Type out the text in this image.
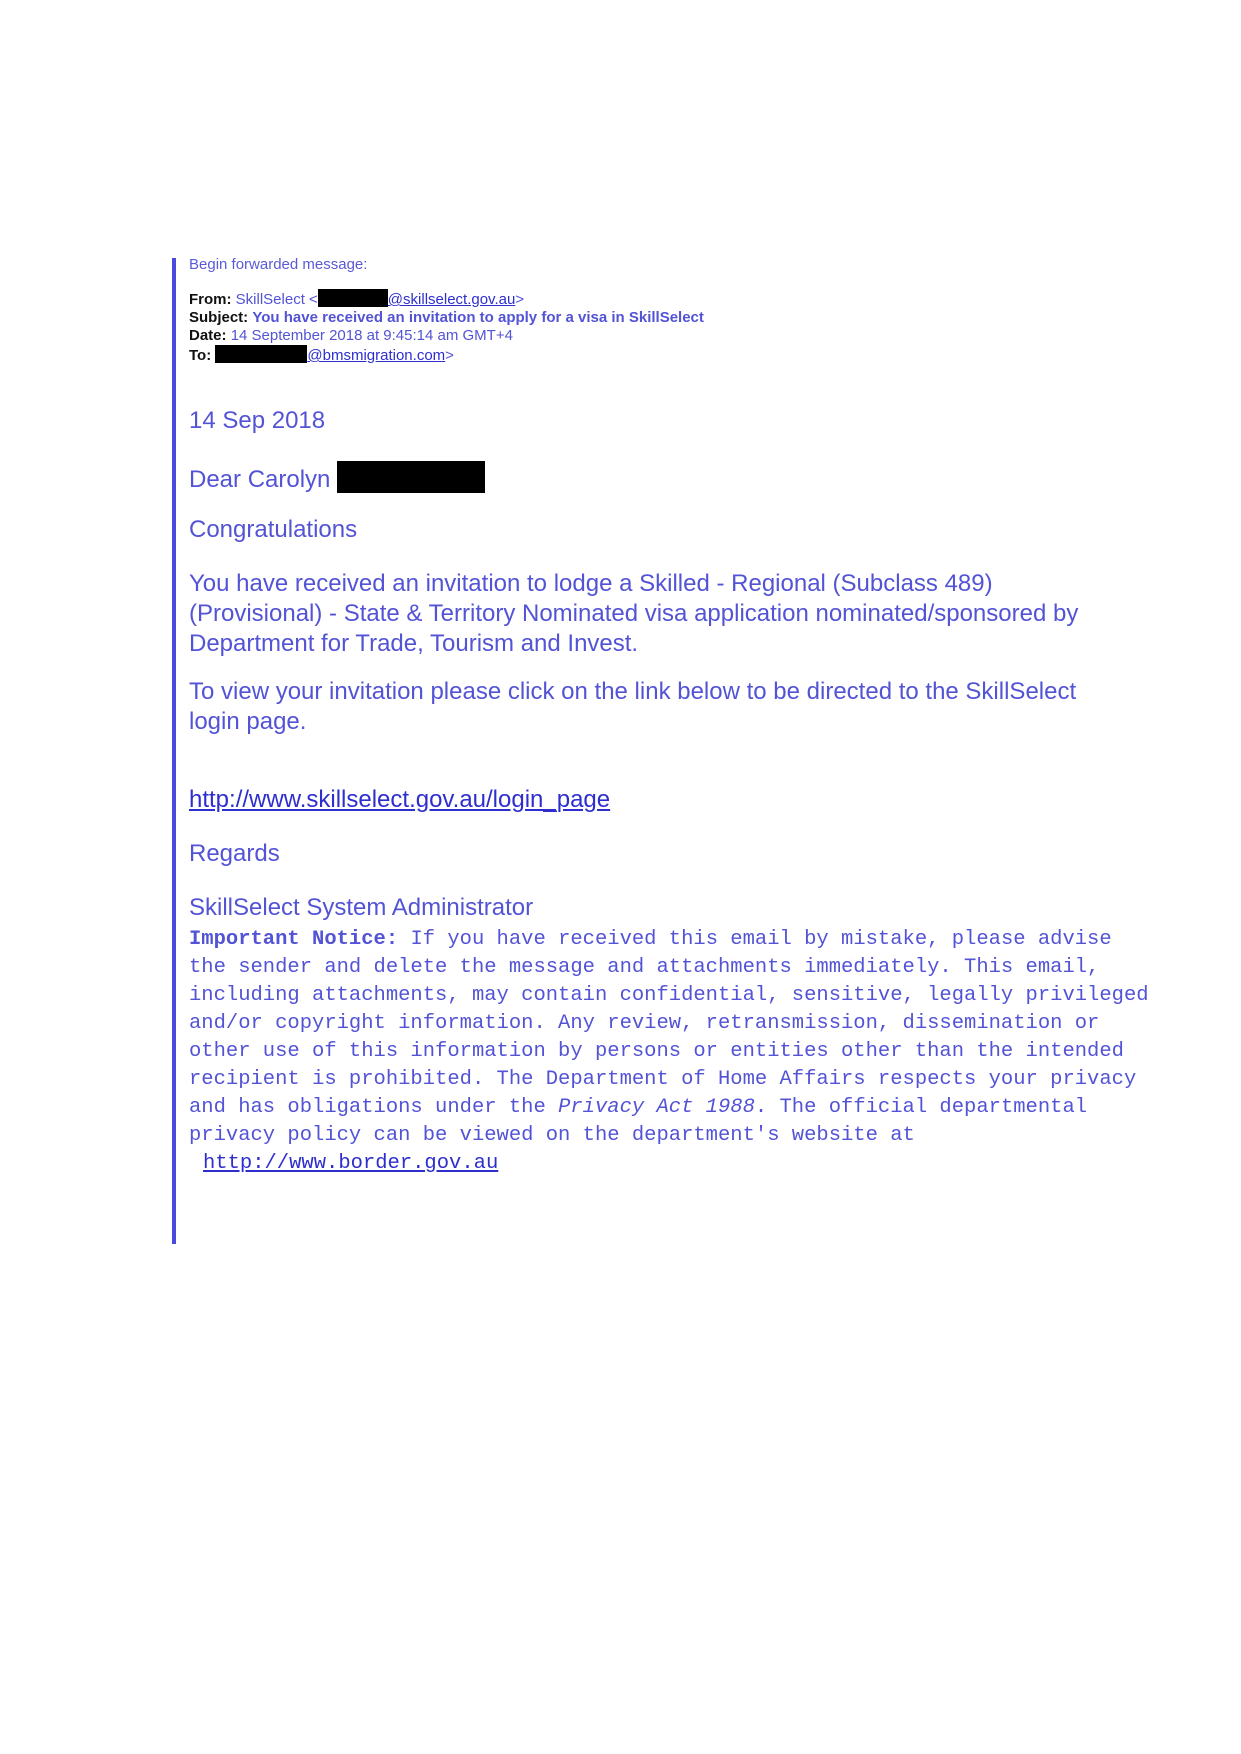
Begin forwarded message:
From: SkillSelect <	@skillselect.gov.au>
Subject: You have received an invitation to apply for a visa in SkillSelect
Date: 14 September 2018 at 9:45:14 am GMT+4
To:	@bmsmigration.com>
14 Sep 2018
Dear Carolyn
Congratulations
You have received an invitation to lodge a Skilled - Regional (Subclass 489) (Provisional) - State & Territory Nominated visa application nominated/sponsored by Department for Trade, Tourism and Invest.
To view your invitation please click on the link below to be directed to the SkillSelect login page.
http://www.skillselect.gov.au/login_page
Regards
SkillSelect System Administrator
Important Notice: If you have received this email by mistake, please advise the sender and delete the message and attachments immediately. This email, including attachments, may contain confidential, sensitive, legally privileged and/or copyright information. Any review, retransmission, dissemination or other use of this information by persons or entities other than the intended recipient is prohibited. The Department of Home Affairs respects your privacy and has obligations under the Privacy Act 1988. The official departmental privacy policy can be viewed on the department's website at
http://www.border.gov.au
